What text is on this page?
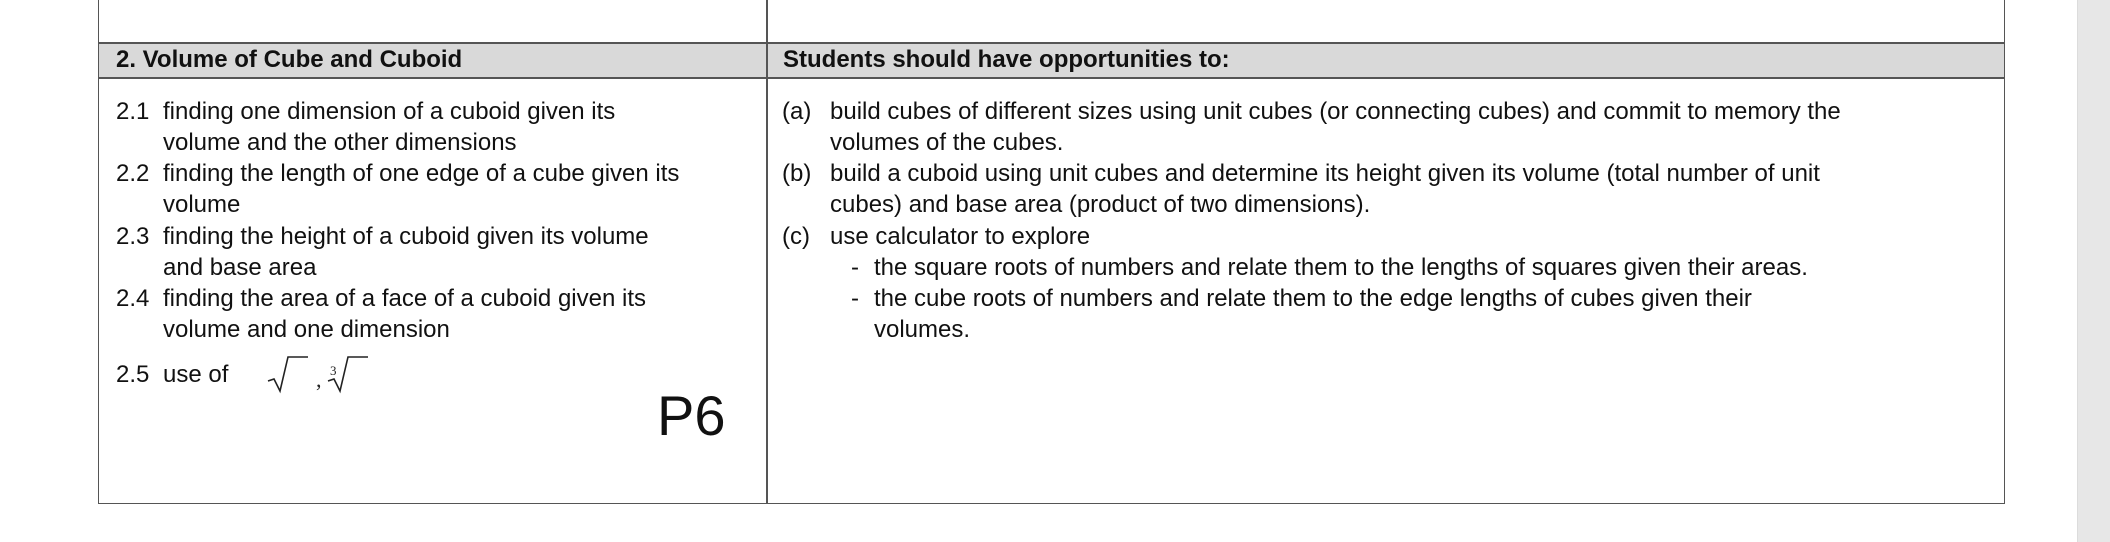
2. Volume of Cube and Cuboid	Students should have opportunities to:
2.1 finding one dimension of a cuboid given its
volume and the other dimensions
2.2 finding the length of one edge of a cube given its
volume
2.3 finding the height of a cuboid given its volume
and base area
2.4 finding the area of a face of a cuboid given its
volume and one dimension
2.5 use of	, 3
P6
(a) build cubes of different sizes using unit cubes (or connecting cubes) and commit to memory the
volumes of the cubes.
(b) build a cuboid using unit cubes and determine its height given its volume (total number of unit
cubes) and base area (product of two dimensions).
(c) use calculator to explore
- the square roots of numbers and relate them to the lengths of squares given their areas.
- the cube roots of numbers and relate them to the edge lengths of cubes given their
volumes.
